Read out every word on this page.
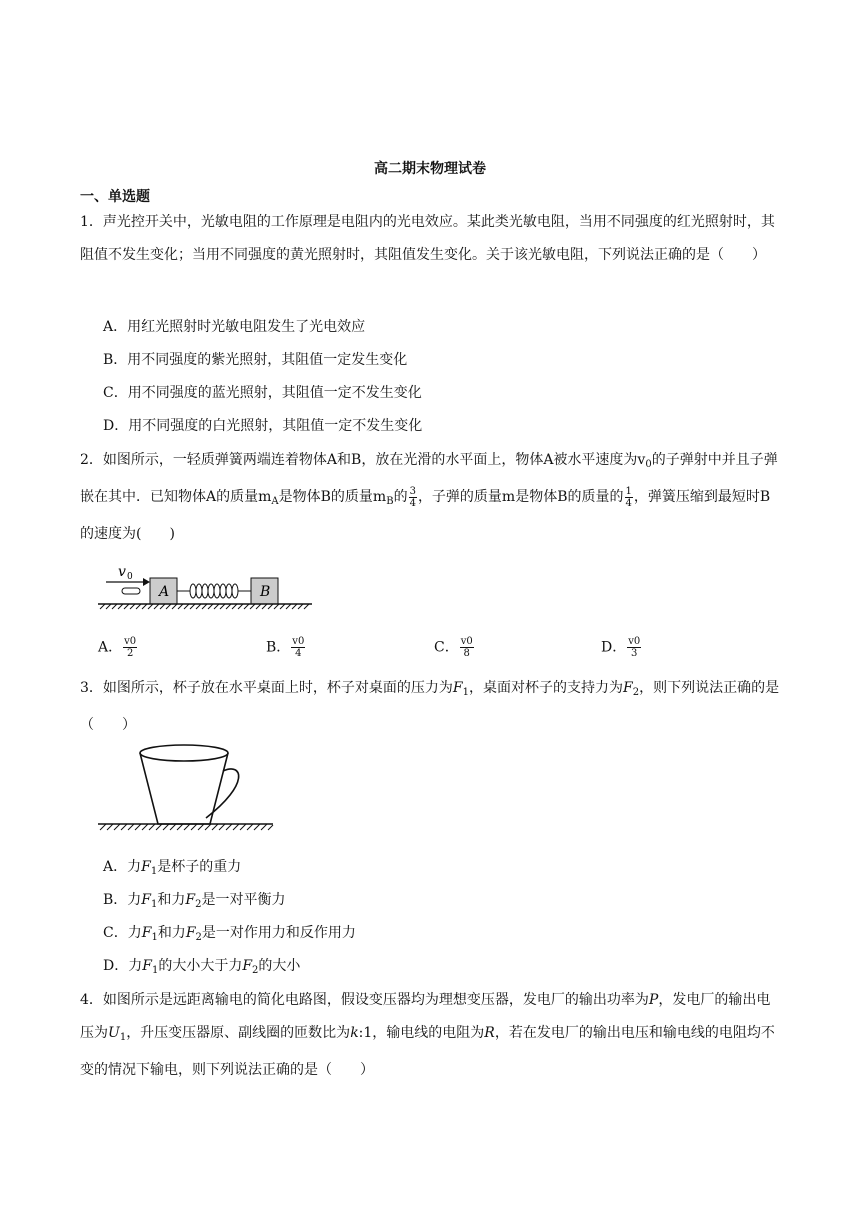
高二期末物理试卷
一、单选题
1．声光控开关中，光敏电阻的工作原理是电阻内的光电效应。某此类光敏电阻，当用不同强度的红光照射时，其阻值不发生变化；当用不同强度的黄光照射时，其阻值发生变化。关于该光敏电阻，下列说法正确的是（　　）
A．用红光照射时光敏电阻发生了光电效应
B．用不同强度的紫光照射，其阻值一定发生变化
C．用不同强度的蓝光照射，其阻值一定不发生变化
D．用不同强度的白光照射，其阻值一定不发生变化
2．如图所示，一轻质弹簧两端连着物体A和B，放在光滑的水平面上，物体A被水平速度为$v_0$的子弹射中并且子弹嵌在其中．已知物体A的质量$m_A$是物体B的质量$m_B$的 $\frac{3}{4}$ ，子弹的质量m是物体B的质量的 $\frac{1}{4}$ ，弹簧压缩到最短时B的速度为(　　)
v 0
A	B
A． $\frac{v0}{2}$	B． $\frac{v0}{4}$	C． $\frac{v0}{8}$	D． $\frac{v0}{3}$
3．如图所示，杯子放在水平桌面上时，杯子对桌面的压力为$F_1$，桌面对杯子的支持力为$F_2$，则下列说法正确的是（　　）
A．力$F_1$是杯子的重力
B．力$F_1$和力$F_2$是一对平衡力
C．力$F_1$和力$F_2$是一对作用力和反作用力
D．力$F_1$的大小大于力$F_2$的大小
4．如图所示是远距离输电的简化电路图，假设变压器均为理想变压器，发电厂的输出功率为P，发电厂的输出电压为$U_1$，升压变压器原、副线圈的匝数比为k:1，输电线的电阻为R，若在发电厂的输出电压和输电线的电阻均不变的情况下输电，则下列说法正确的是（　　）
